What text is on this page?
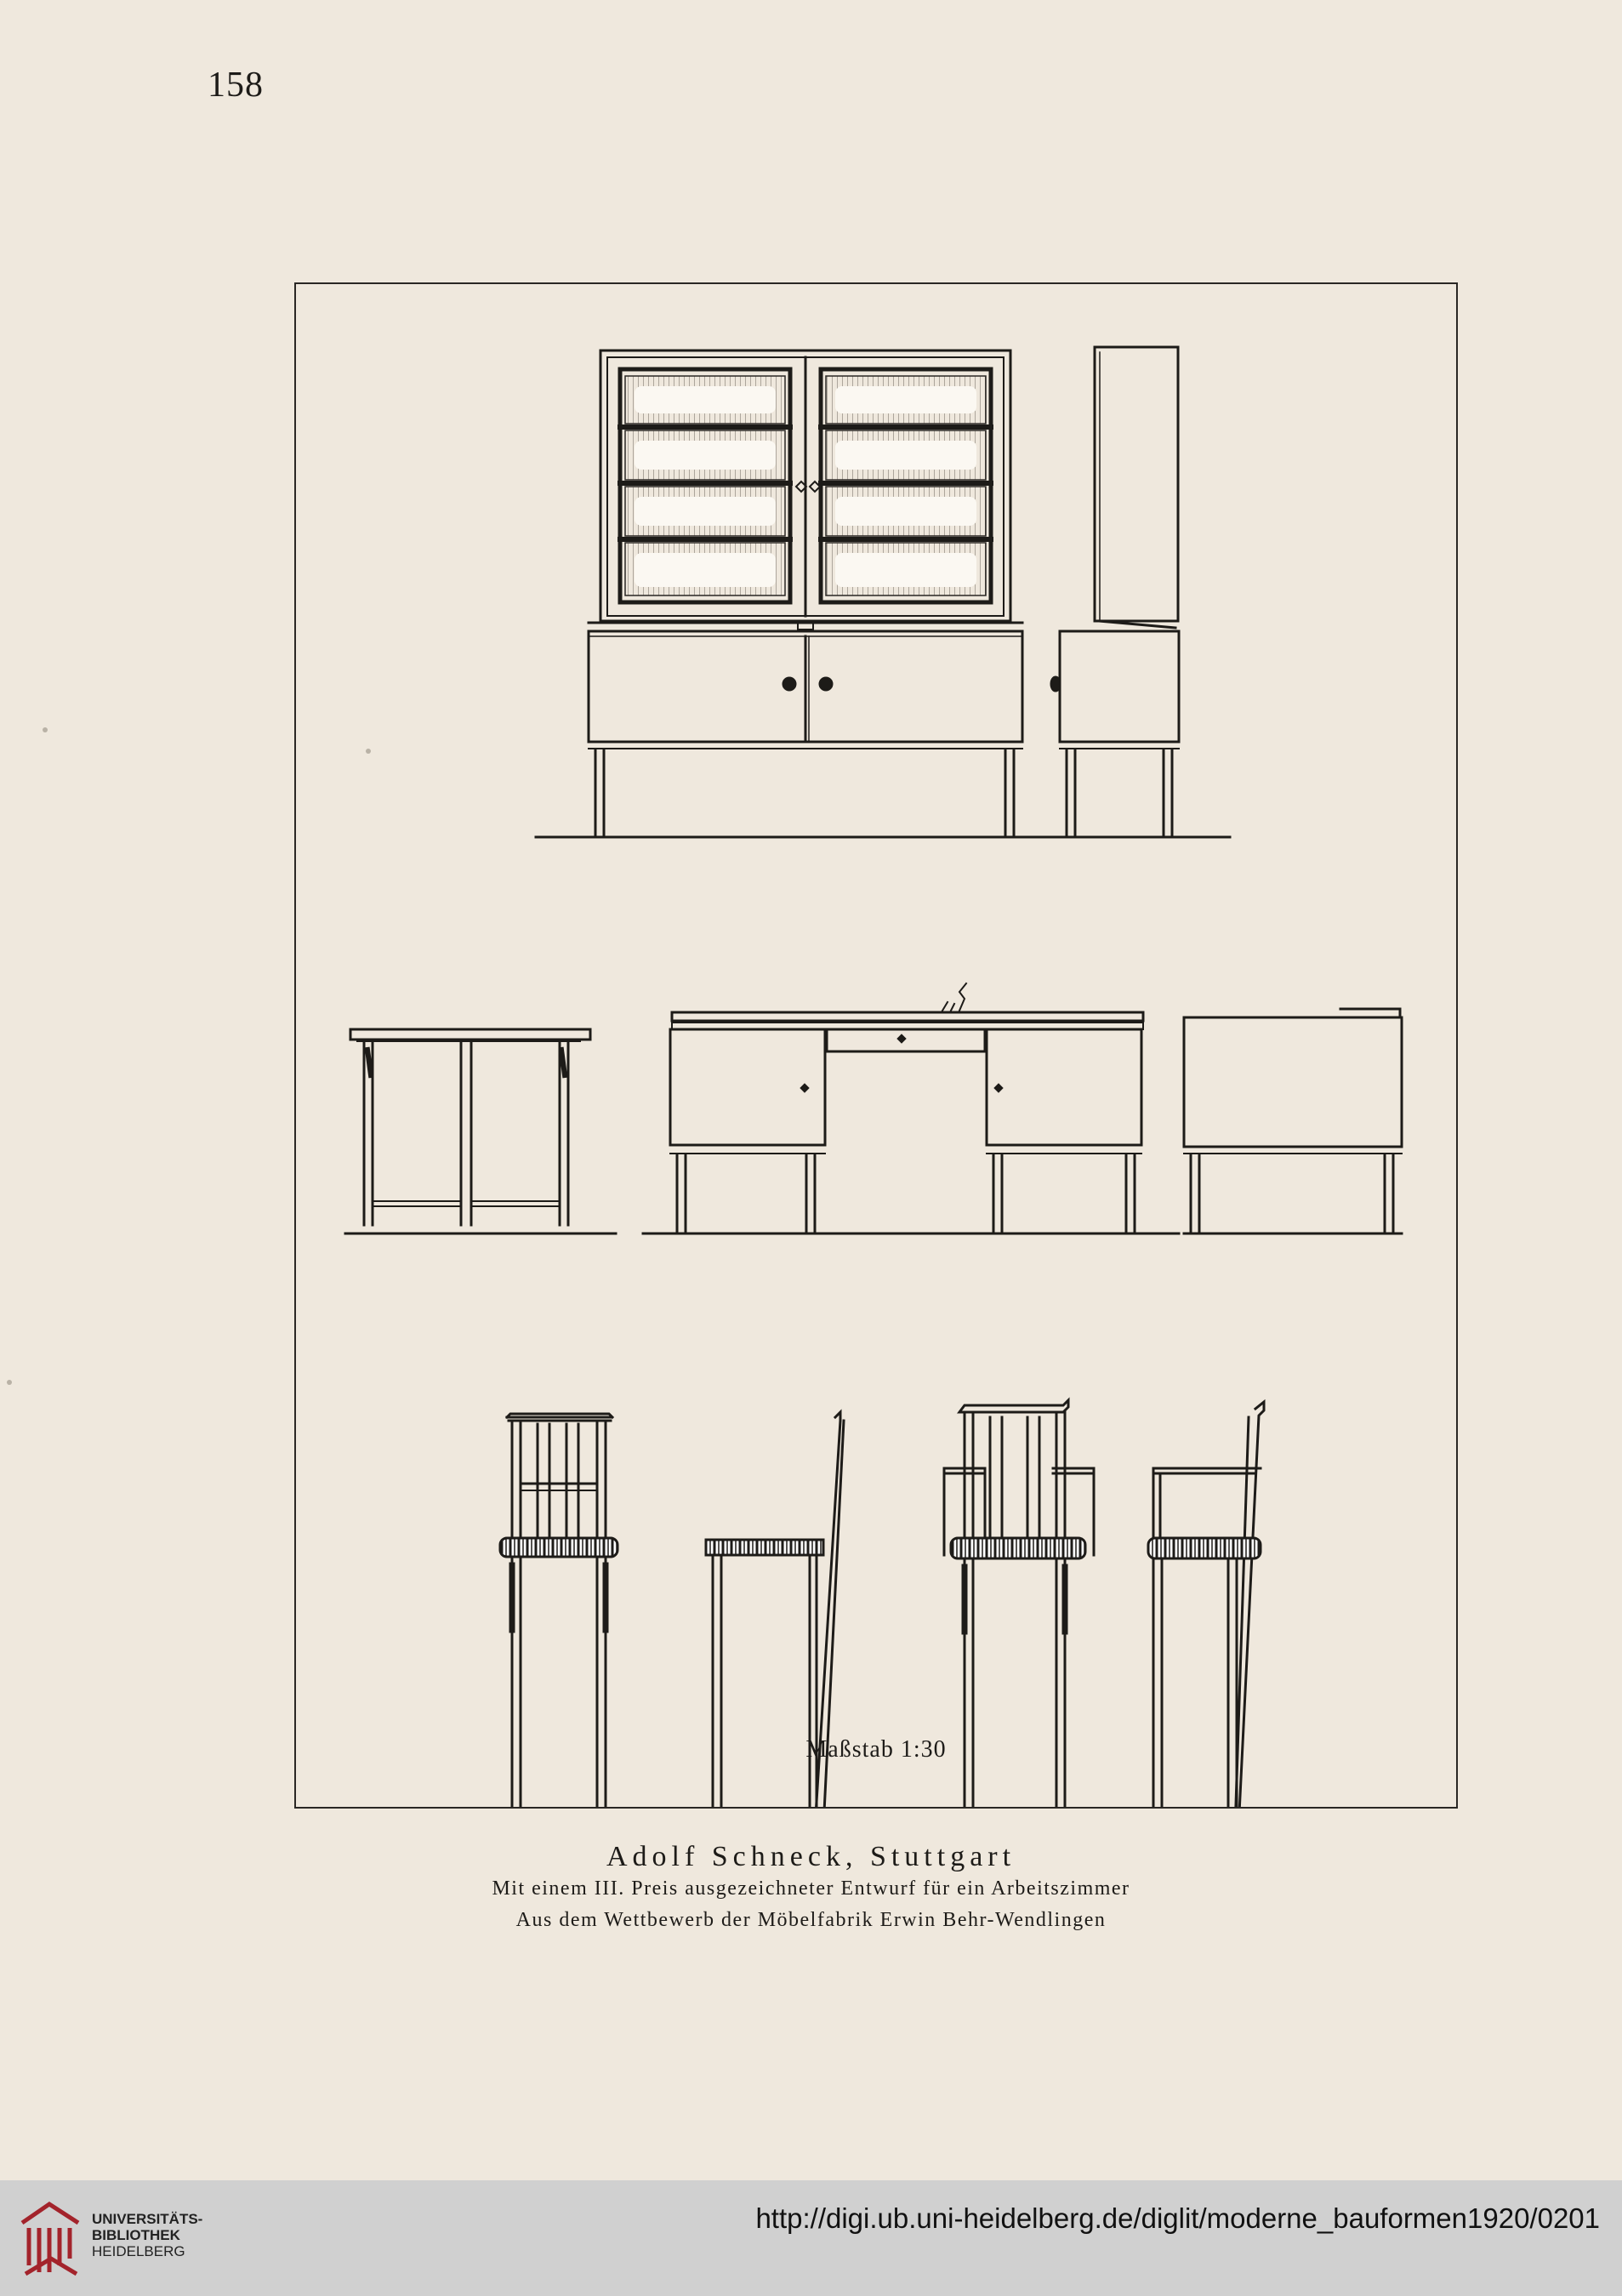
158
Maßstab 1:30
Adolf Schneck, Stuttgart
Mit einem III. Preis ausgezeichneter Entwurf für ein Arbeitszimmer
Aus dem Wettbewerb der Möbelfabrik Erwin Behr-Wendlingen
UNIVERSITÄTS-
BIBLIOTHEK
HEIDELBERG
http://digi.ub.uni-heidelberg.de/diglit/moderne_bauformen1920/0201
